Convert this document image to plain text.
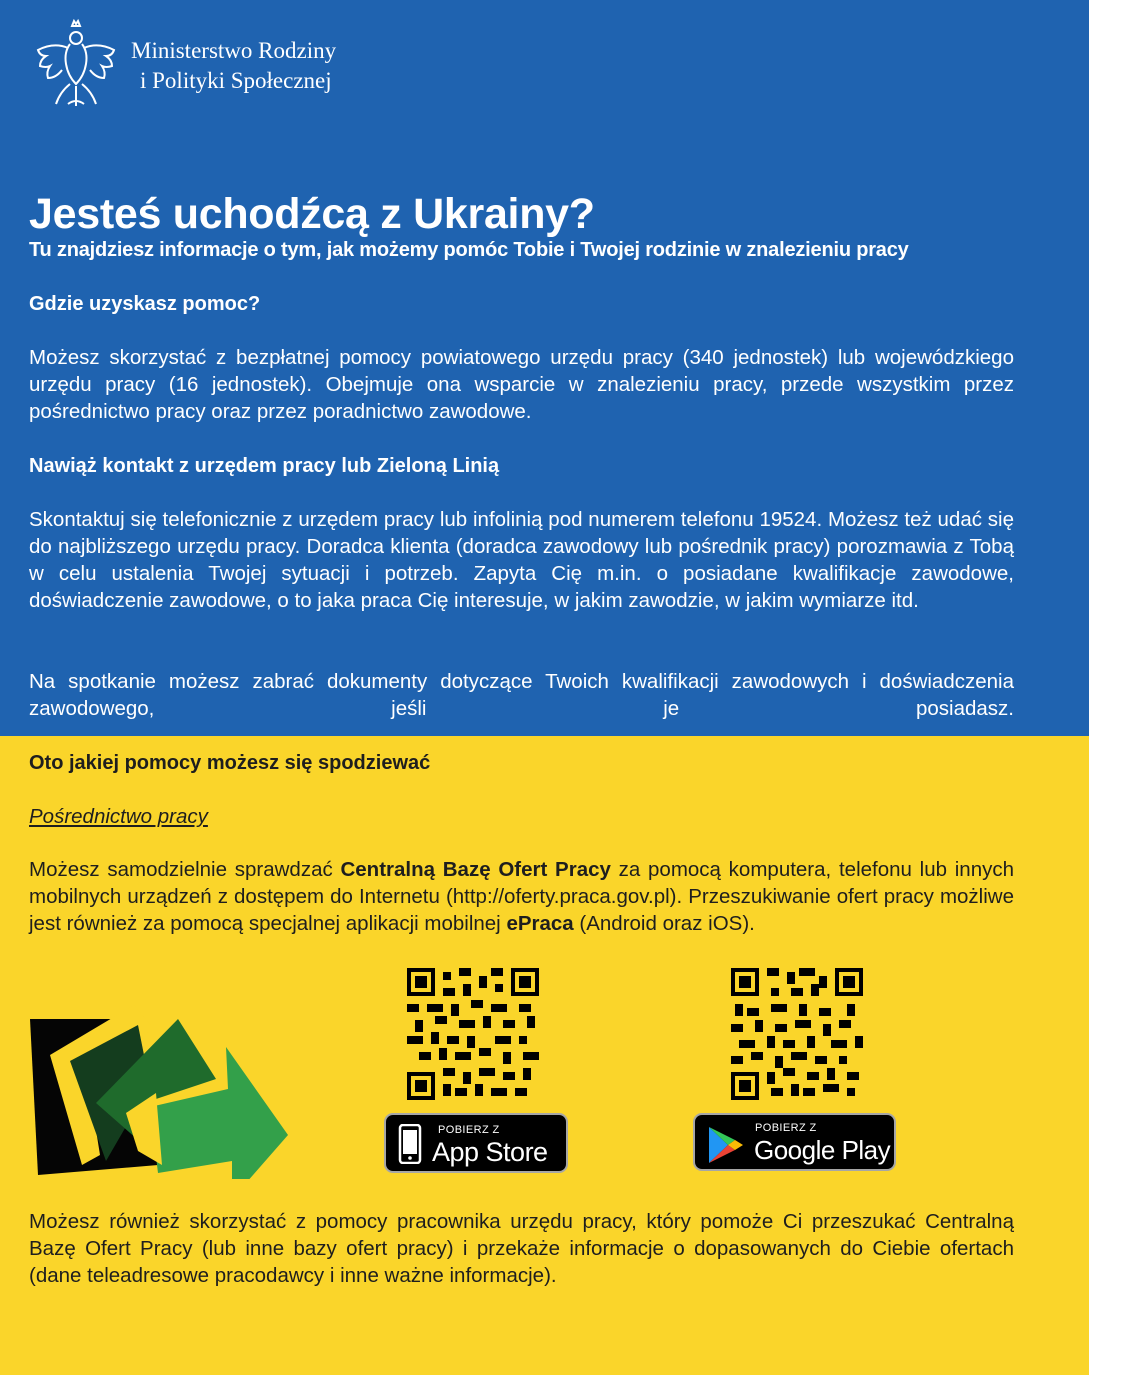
Ministerstwo Rodziny
i Polityki Społecznej
Jesteś uchodźcą z Ukrainy?
Tu znajdziesz informacje o tym, jak możemy pomóc Tobie i Twojej rodzinie w znalezieniu pracy
Gdzie uzyskasz pomoc?

Możesz skorzystać z bezpłatnej pomocy powiatowego urzędu pracy (340 jednostek) lub wojewódzkiego urzędu pracy (16 jednostek). Obejmuje ona wsparcie w znalezieniu pracy, przede wszystkim przez pośrednictwo pracy oraz przez poradnictwo zawodowe.

Nawiąż kontakt z urzędem pracy lub Zieloną Linią

Skontaktuj się telefonicznie z urzędem pracy lub infolinią pod numerem telefonu 19524. Możesz też udać się do najbliższego urzędu pracy. Doradca klienta (doradca zawodowy lub pośrednik pracy) porozmawia z Tobą w celu ustalenia Twojej sytuacji i potrzeb. Zapyta Cię m.in. o posiadane kwalifikacje zawodowe, doświadczenie zawodowe, o to jaka praca Cię interesuje, w jakim zawodzie, w jakim wymiarze itd.

Na spotkanie możesz zabrać dokumenty dotyczące Twoich kwalifikacji zawodowych i doświadczenia zawodowego, jeśli je posiadasz.

Oto jakiej pomocy możesz się spodziewać
Pośrednictwo pracy

Możesz samodzielnie sprawdzać Centralną Bazę Ofert Pracy za pomocą komputera, telefonu lub innych mobilnych urządzeń z dostępem do Internetu (http://oferty.praca.gov.pl). Przeszukiwanie ofert pracy możliwe jest również za pomocą specjalnej aplikacji mobilnej ePraca (Android oraz iOS).

POBIERZ Z
App Store
POBIERZ Z
Google Play

Możesz również skorzystać z pomocy pracownika urzędu pracy, który pomoże Ci przeszukać Centralną Bazę Ofert Pracy (lub inne bazy ofert pracy) i przekaże informacje o dopasowanych do Ciebie ofertach (dane teleadresowe pracodawcy i inne ważne informacje).
